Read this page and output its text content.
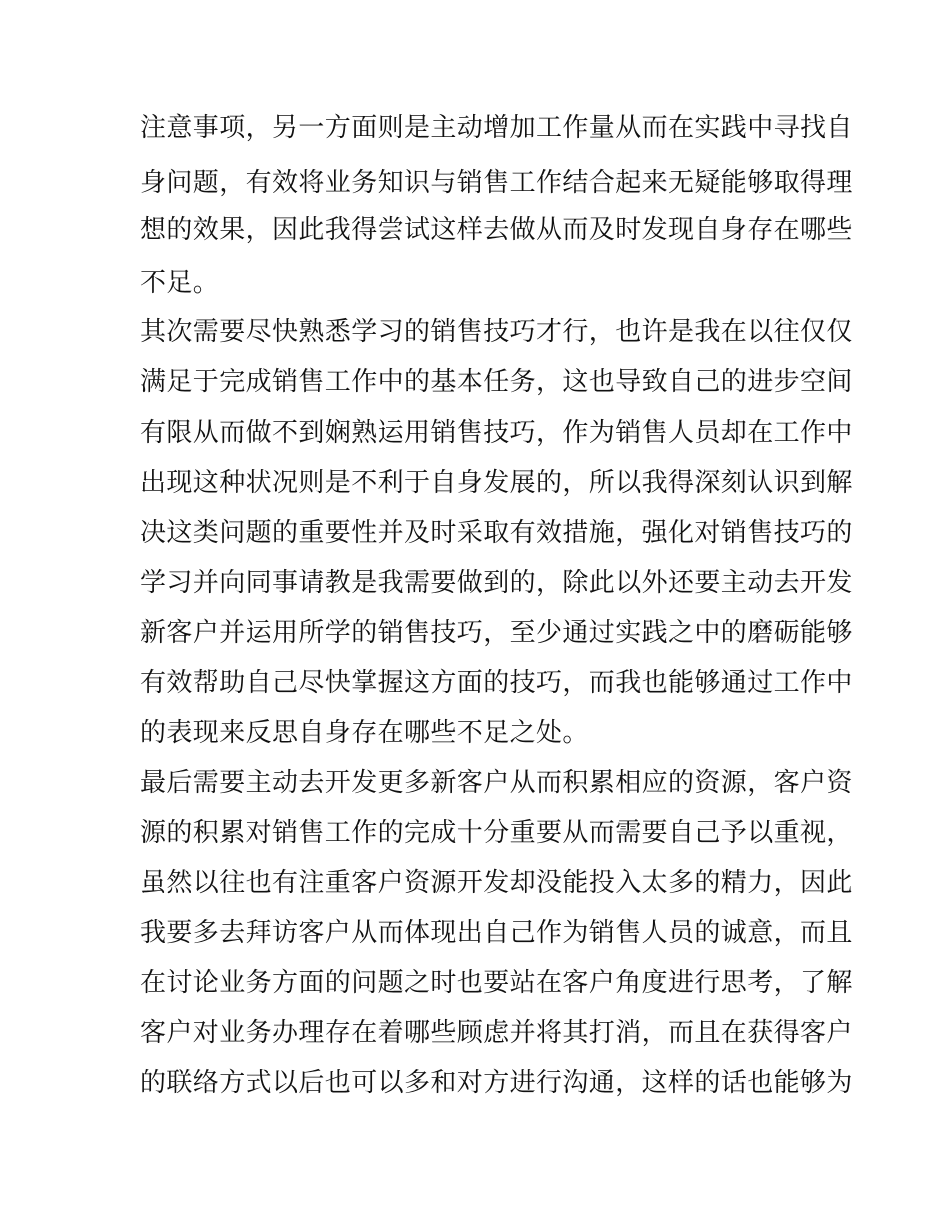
注意事项，另一方面则是主动增加工作量从而在实践中寻找自
身问题，有效将业务知识与销售工作结合起来无疑能够取得理
想的效果，因此我得尝试这样去做从而及时发现自身存在哪些
不足。
其次需要尽快熟悉学习的销售技巧才行，也许是我在以往仅仅
满足于完成销售工作中的基本任务，这也导致自己的进步空间
有限从而做不到娴熟运用销售技巧，作为销售人员却在工作中
出现这种状况则是不利于自身发展的，所以我得深刻认识到解
决这类问题的重要性并及时采取有效措施，强化对销售技巧的
学习并向同事请教是我需要做到的，除此以外还要主动去开发
新客户并运用所学的销售技巧，至少通过实践之中的磨砺能够
有效帮助自己尽快掌握这方面的技巧，而我也能够通过工作中
的表现来反思自身存在哪些不足之处。
最后需要主动去开发更多新客户从而积累相应的资源，客户资
源的积累对销售工作的完成十分重要从而需要自己予以重视，
虽然以往也有注重客户资源开发却没能投入太多的精力，因此
我要多去拜访客户从而体现出自己作为销售人员的诚意，而且
在讨论业务方面的问题之时也要站在客户角度进行思考，了解
客户对业务办理存在着哪些顾虑并将其打消，而且在获得客户
的联络方式以后也可以多和对方进行沟通，这样的话也能够为
